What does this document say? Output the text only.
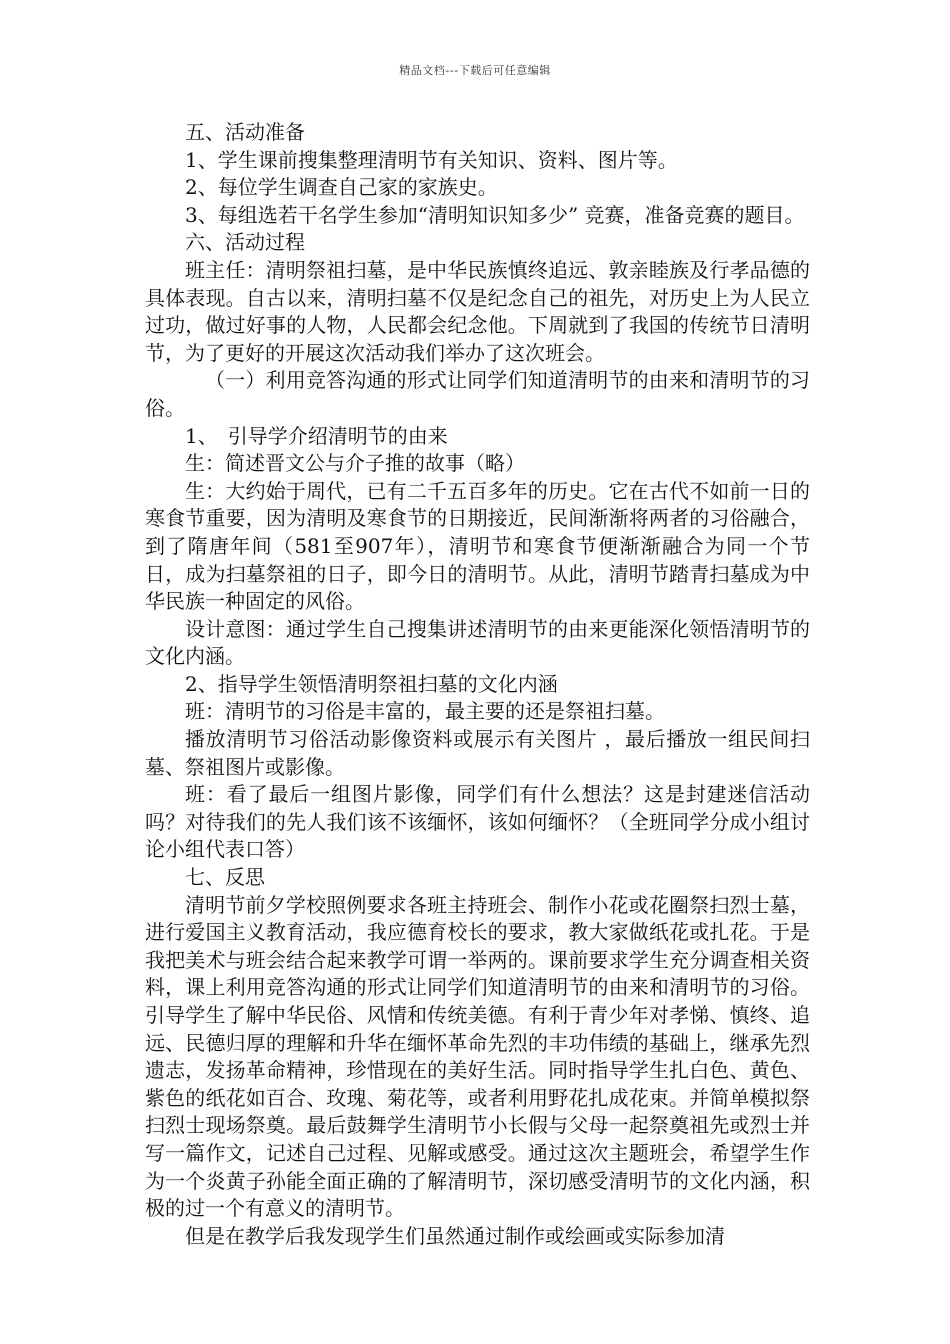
精品文档---下载后可任意编辑

五、活动准备

1、学生课前搜集整理清明节有关知识、资料、图片等。

2、每位学生调查自己家的家族史。

3、每组选若干名学生参加“清明知识知多少” 竞赛，准备竞赛的题目。

六、活动过程

班主任：清明祭祖扫墓，是中华民族慎终追远、敦亲睦族及行孝品德的具体表现。自古以来，清明扫墓不仅是纪念自己的祖先，对历史上为人民立过功，做过好事的人物，人民都会纪念他。下周就到了我国的传统节日清明节，为了更好的开展这次活动我们举办了这次班会。

（一）利用竞答沟通的形式让同学们知道清明节的由来和清明节的习俗。

1、　引导学介绍清明节的由来

生：简述晋文公与介子推的故事（略）

生：大约始于周代，已有二千五百多年的历史。它在古代不如前一日的寒食节重要，因为清明及寒食节的日期接近，民间渐渐将两者的习俗融合，到了隋唐年间（581至907年），清明节和寒食节便渐渐融合为同一个节日，成为扫墓祭祖的日子，即今日的清明节。从此，清明节踏青扫墓成为中华民族一种固定的风俗。

设计意图：通过学生自己搜集讲述清明节的由来更能深化领悟清明节的文化内涵。

2、指导学生领悟清明祭祖扫墓的文化内涵

班：清明节的习俗是丰富的，最主要的还是祭祖扫墓。

播放清明节习俗活动影像资料或展示有关图片 ，最后播放一组民间扫墓、祭祖图片或影像。

班：看了最后一组图片影像，同学们有什么想法？这是封建迷信活动吗？对待我们的先人我们该不该缅怀，该如何缅怀？（全班同学分成小组讨论小组代表口答）

七、反思

清明节前夕学校照例要求各班主持班会、制作小花或花圈祭扫烈士墓，进行爱国主义教育活动，我应德育校长的要求，教大家做纸花或扎花。于是我把美术与班会结合起来教学可谓一举两的。课前要求学生充分调查相关资料，课上利用竞答沟通的形式让同学们知道清明节的由来和清明节的习俗。引导学生了解中华民俗、风情和传统美德。有利于青少年对孝悌、慎终、追远、民德归厚的理解和升华在缅怀革命先烈的丰功伟绩的基础上，继承先烈遗志，发扬革命精神，珍惜现在的美好生活。同时指导学生扎白色、黄色、紫色的纸花如百合、玫瑰、菊花等，或者利用野花扎成花束。并简单模拟祭扫烈士现场祭奠。最后鼓舞学生清明节小长假与父母一起祭奠祖先或烈士并写一篇作文，记述自己过程、见解或感受。通过这次主题班会，希望学生作为一个炎黄子孙能全面正确的了解清明节，深切感受清明节的文化内涵，积极的过一个有意义的清明节。

但是在教学后我发现学生们虽然通过制作或绘画或实际参加清
